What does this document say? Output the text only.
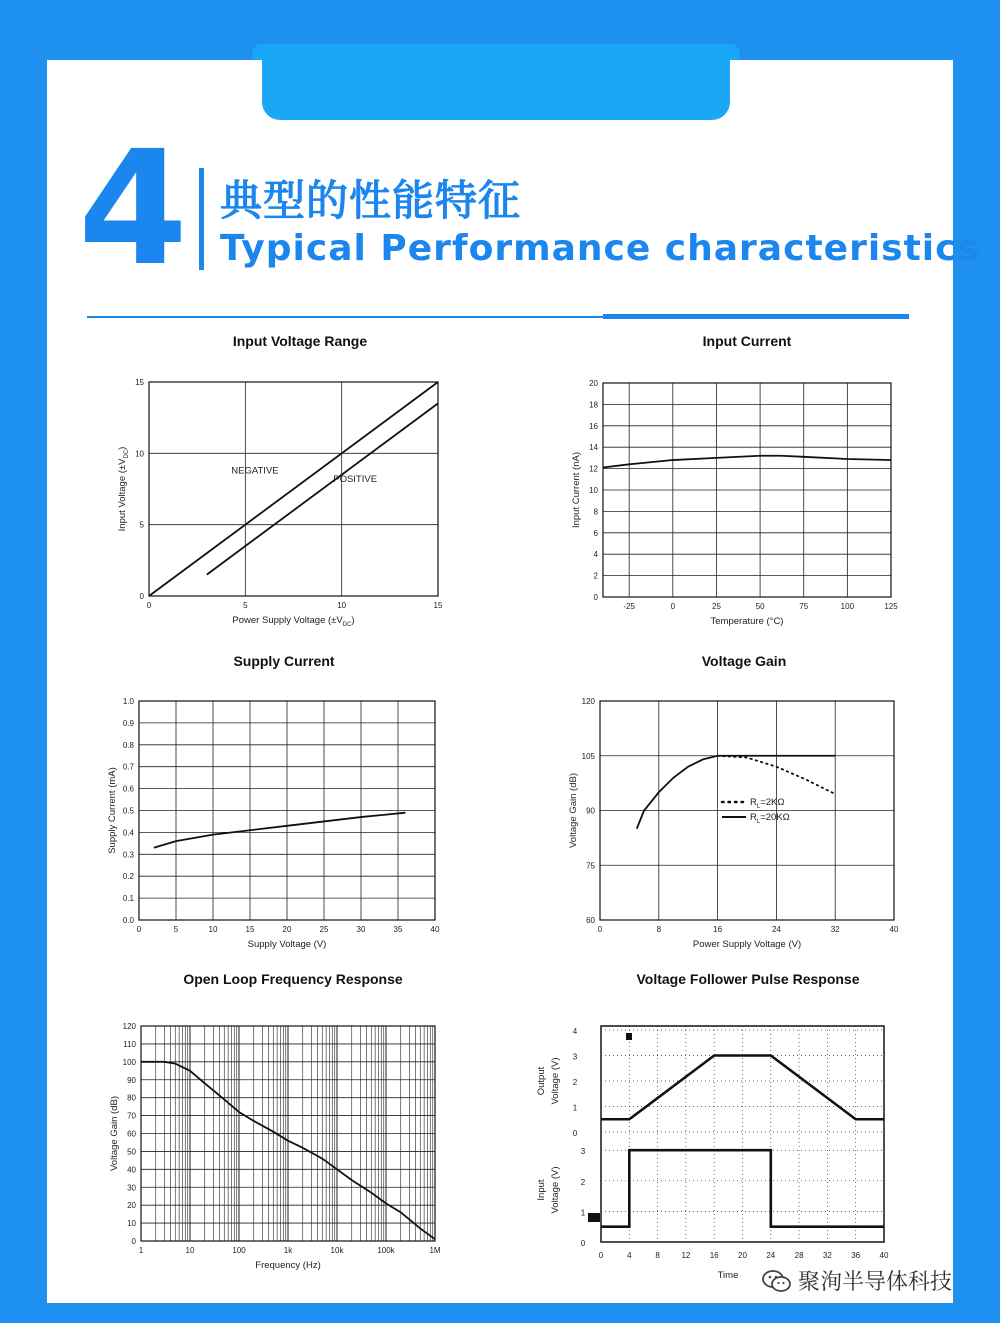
4 典型的性能特征
Typical Performance characteristics
Input Voltage Range
0	5	10	15
0
5
10
15
NEGATIVE
POSITIVE
Power Supply Voltage $(\pm V_{DC})$
Input Voltage $(\pm V_{DC})$
Input Current
-25	0	25	50	75	100	125
0
2
4
6
8
10
12
14
16
18
20
Temperature (°C)
Input Current (nA)
Supply Current
0	5	10	15	20	25	30	35	40
0.0
0.1
0.2
0.3
0.4
0.5
0.6
0.7
0.8
0.9
1.0
Supply Voltage (V)
Supply Current (mA)
Voltage Gain
0	8	16	24	32	40
60
75
90
105
120
Power Supply Voltage (V)
Voltage Gain (dB)	$R_L=2K\Omega$
$R_L=20K\Omega$
Open Loop Frequency Response
1	10	100	1k	10k	100k	1M
0
10
20
30
40
50
60
70
80
90
100
110
120
Frequency (Hz)
Voltage Gain (dB)
Voltage Follower Pulse Response
0	4	8	12 16 20 24 28 32 36 40
0
1
2
3
4
0
1
2
3
Time
Output Voltage (V)
Input Voltage (V)
聚洵半导体科技
